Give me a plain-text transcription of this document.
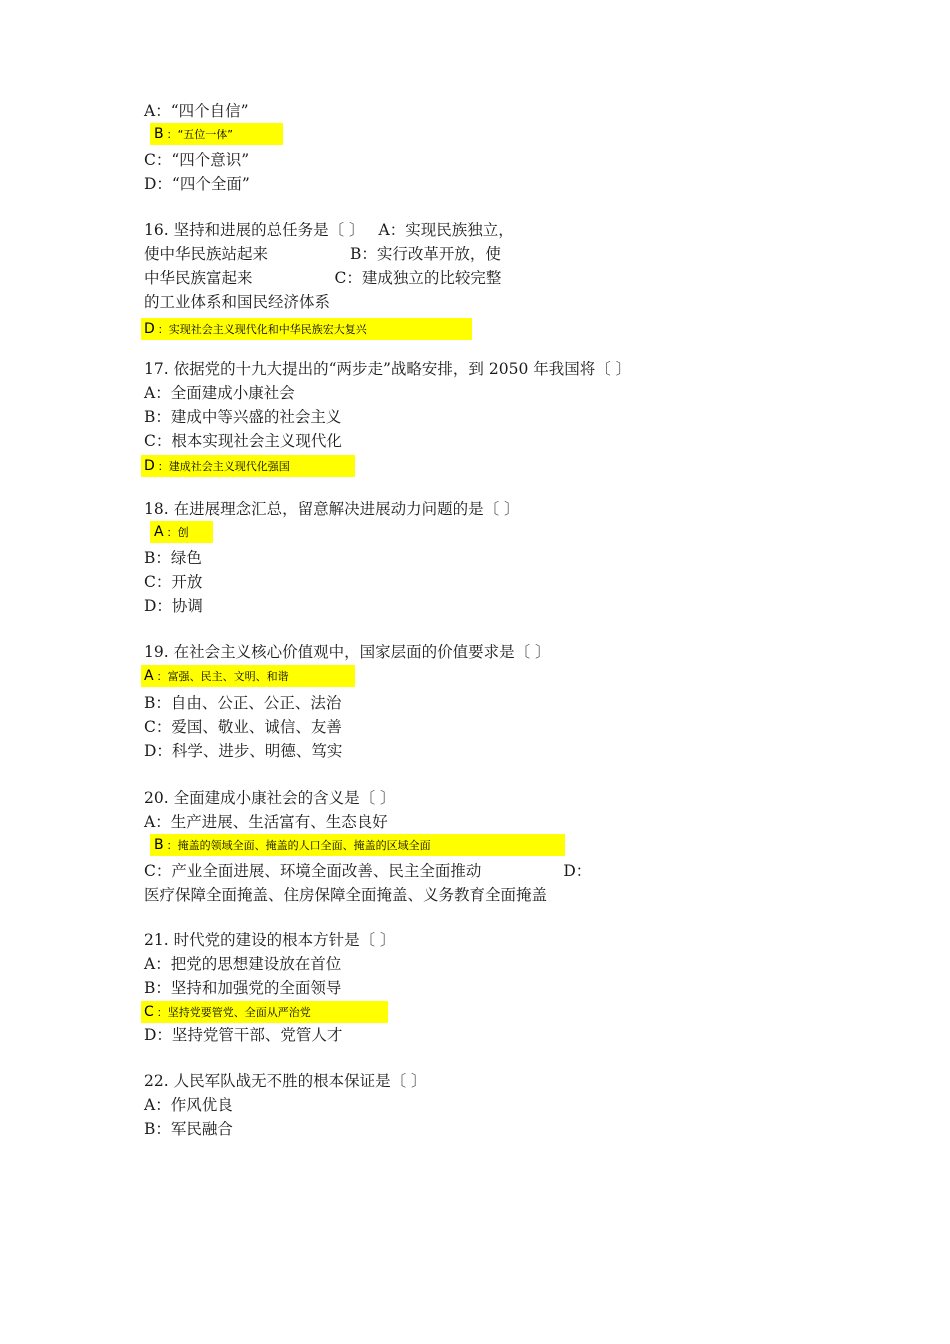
A：“四个自信”
B ：“五位一体”
C：“四个意识”
D：“四个全面”
16. 坚持和进展的总任务是〔 〕 A：实现民族独立，
使中华民族站起来	B：实行改革开放，使
中华民族富起来	C：建成独立的比较完整
的工业体系和国民经济体系
D ：实现社会主义现代化和中华民族宏大复兴
17. 依据党的十九大提出的“两步走”战略安排，到 2050 年我国将〔 〕
A：全面建成小康社会
B：建成中等兴盛的社会主义
C：根本实现社会主义现代化
D ：建成社会主义现代化强国
18. 在进展理念汇总，留意解决进展动力问题的是〔 〕
A ：创
B：绿色
C：开放
D：协调
19. 在社会主义核心价值观中，国家层面的价值要求是〔 〕
A ：富强、民主、文明、和谐
B：自由、公正、公正、法治
C：爱国、敬业、诚信、友善
D：科学、进步、明德、笃实
20. 全面建成小康社会的含义是〔 〕
A：生产进展、生活富有、生态良好
B ：掩盖的领域全面、掩盖的人口全面、掩盖的区域全面
C：产业全面进展、环境全面改善、民主全面推动	D：
医疗保障全面掩盖、住房保障全面掩盖、义务教育全面掩盖
21. 时代党的建设的根本方针是〔 〕
A：把党的思想建设放在首位
B：坚持和加强党的全面领导
C ：坚持党要管党、全面从严治党
D：坚持党管干部、党管人才
22. 人民军队战无不胜的根本保证是〔 〕
A：作风优良
B：军民融合
